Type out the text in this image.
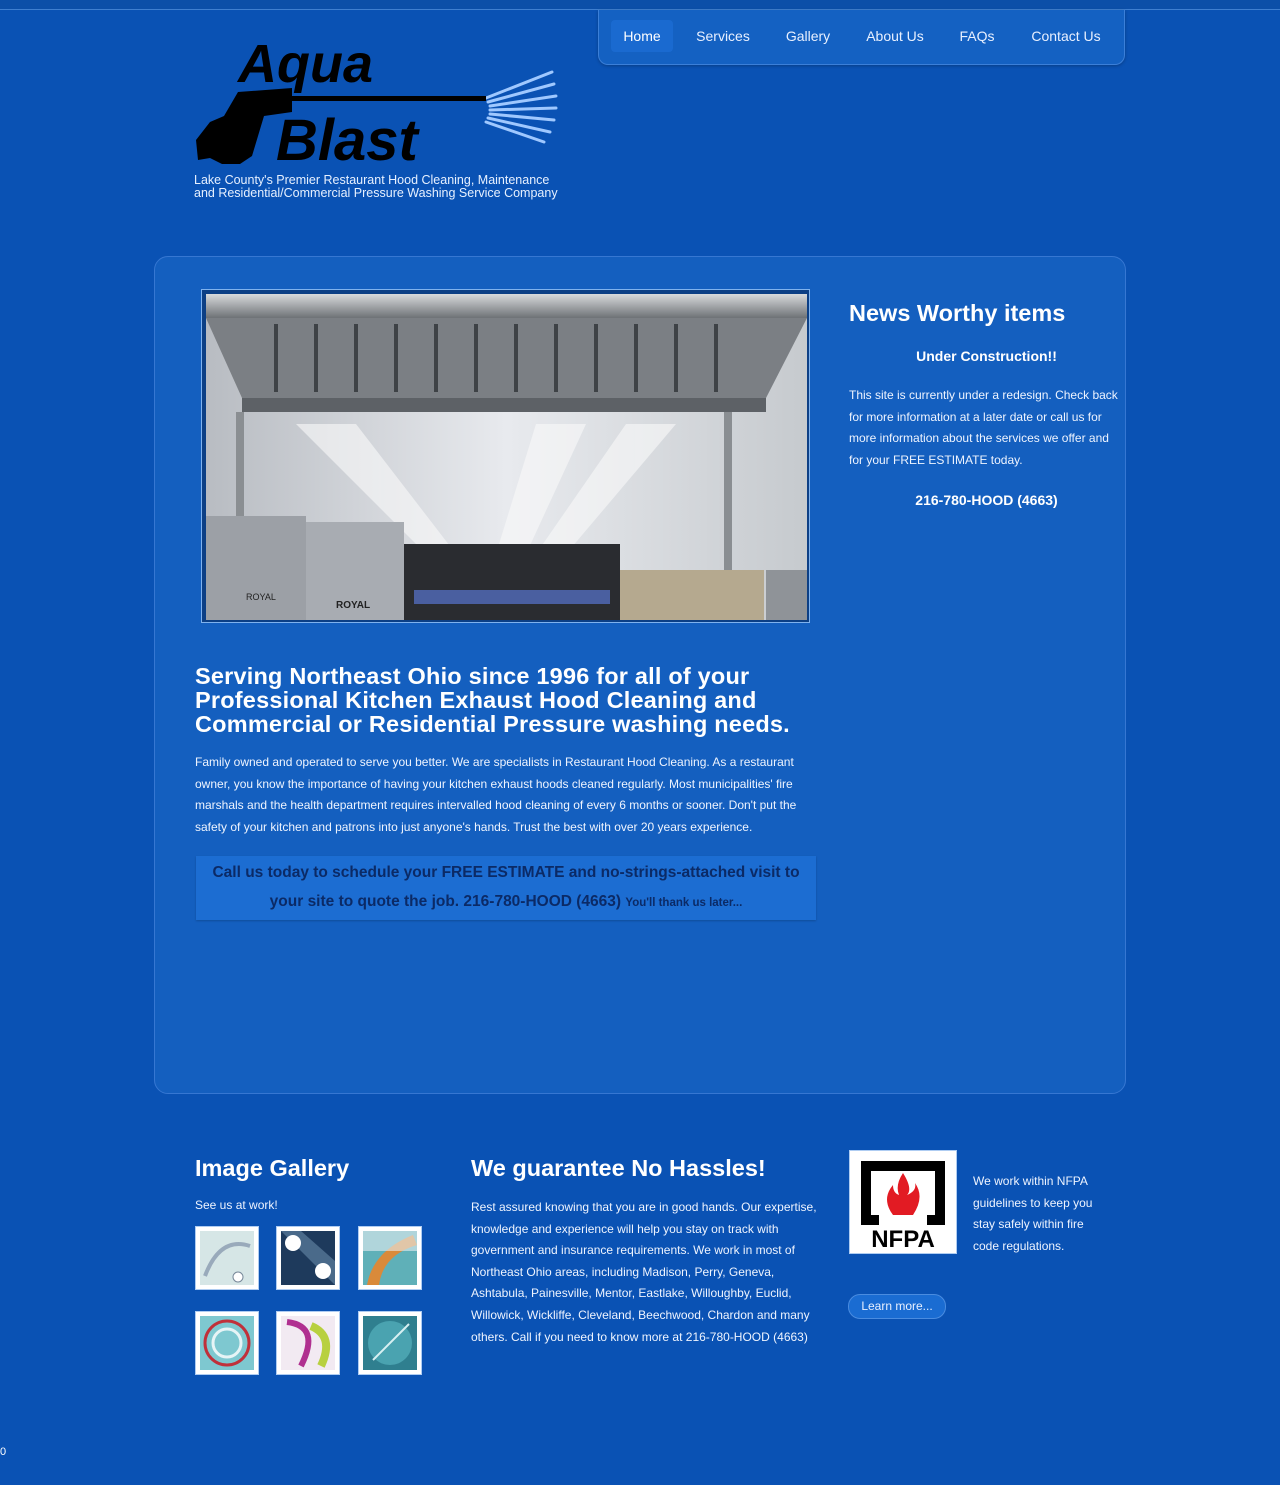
Home	Services	Gallery	About Us	FAQs	Contact Us
Aqua
Blast
Lake County's Premier Restaurant Hood Cleaning, Maintenance
and Residential/Commercial Pressure Washing Service Company
ROYAL
ROYAL
Serving Northeast Ohio since 1996 for all of your Professional Kitchen Exhaust Hood Cleaning and Commercial or Residential Pressure washing needs.

Family owned and operated to serve you better. We are specialists in Restaurant Hood Cleaning. As a restaurant owner, you know the importance of having your kitchen exhaust hoods cleaned regularly. Most municipalities' fire marshals and the health department requires intervalled hood cleaning of every 6 months or sooner. Don't put the safety of your kitchen and patrons into just anyone's hands. Trust the best with over 20 years experience.

Call us today to schedule your FREE ESTIMATE and no-strings-attached visit to your site to quote the job. 216-780-HOOD (4663) You'll thank us later...
News Worthy items
Under Construction!!

This site is currently under a redesign. Check back for more information at a later date or call us for more information about the services we offer and for your FREE ESTIMATE today.

216-780-HOOD (4663)
Image Gallery
See us at work!
We guarantee No Hassles!

Rest assured knowing that you are in good hands. Our expertise, knowledge and experience will help you stay on track with government and insurance requirements. We work in most of Northeast Ohio areas, including Madison, Perry, Geneva, Ashtabula, Painesville, Mentor, Eastlake, Willoughby, Euclid, Willowick, Wickliffe, Cleveland, Beechwood, Chardon and many others. Call if you need to know more at 216-780-HOOD (4663)

NFPA

We work within NFPA guidelines to keep you stay safely within fire code regulations.

Learn more...
0
